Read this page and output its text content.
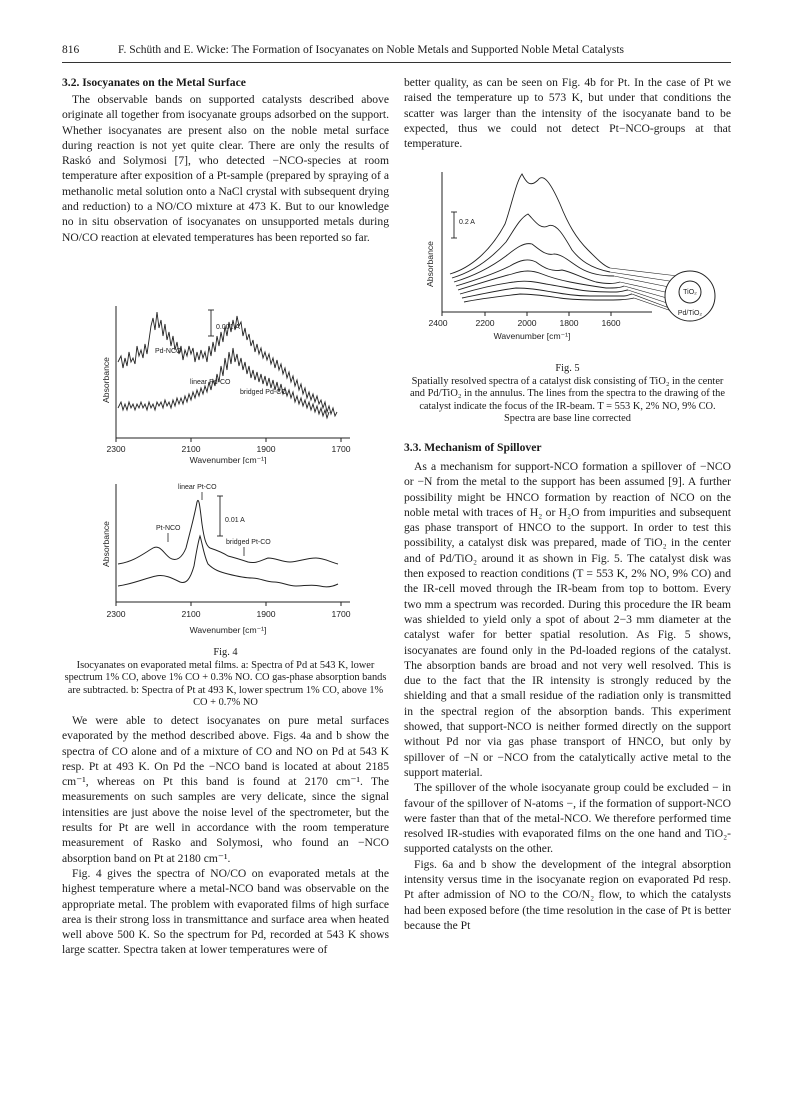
816	F. Schüth and E. Wicke: The Formation of Isocyanates on Noble Metals and Supported Noble Metal Catalysts
3.2. Isocyanates on the Metal Surface

The observable bands on supported catalysts described above originate all together from isocyanate groups adsorbed on the support. Whether isocyanates are present also on the noble metal surface during reaction is not yet quite clear. There are only the results of Raskó and Solymosi [7], who detected −NCO-species at room temperature after exposition of a Pt-sample (prepared by spraying of a methanolic metal solution onto a NaCl crystal with subsequent drying and reduction) to a NO/CO mixture at 473 K. But to our knowledge no in situ observation of isocyanates on unsupported metals during NO/CO reaction at elevated temperatures has been reported so far.

2300	2100	1900	1700
Wavenumber [cm⁻¹]
Absorbance
0.001 A
Pd-NCO
linear Pd-CO
bridged Pd-CO
2300	2100	1900	1700
Wavenumber [cm⁻¹]
Absorbance
0.01 A
linear Pt-CO
Pt-NCO
bridged Pt-CO
Fig. 4
Isocyanates on evaporated metal films. a: Spectra of Pd at 543 K, lower spectrum 1% CO, above 1% CO + 0.3% NO. CO gas-phase absorption bands are subtracted. b: Spectra of Pt at 493 K, lower spectrum 1% CO, above 1% CO + 0.7% NO

We were able to detect isocyanates on pure metal surfaces evaporated by the method described above. Figs. 4a and b show the spectra of CO alone and of a mixture of CO and NO on Pd at 543 K resp. Pt at 493 K. On Pd the −NCO band is located at about 2185 cm⁻¹, whereas on Pt this band is found at 2170 cm⁻¹. The measurements on such samples are very delicate, since the signal intensities are just above the noise level of the spectrometer, but the results for Pt are well in accordance with the room temperature measurement of Rasko and Solymosi, who found an −NCO absorption band on Pt at 2180 cm⁻¹.

Fig. 4 gives the spectra of NO/CO on evaporated metals at the highest temperature where a metal-NCO band was observable on the appropriate metal. The problem with evaporated films of high surface area is their strong loss in transmittance and surface area when heated well above 500 K. So the spectrum for Pd, recorded at 543 K shows large scatter. Spectra taken at lower temperatures were of

better quality, as can be seen on Fig. 4b for Pt. In the case of Pt we raised the temperature up to 573 K, but under that conditions the scatter was larger than the intensity of the isocyanate band to be expected, thus we could not detect Pt−NCO-groups at that temperature.

2400	2200	2000	1800	1600
Wavenumber [cm⁻¹]
Absorbance
0.2 A
TiO₂
Pd/TiO₂
Fig. 5
Spatially resolved spectra of a catalyst disk consisting of TiO₂ in the center and Pd/TiO₂ in the annulus. The lines from the spectra to the drawing of the catalyst indicate the focus of the IR-beam. T = 553 K, 2% NO, 9% CO. Spectra are base line corrected
3.3. Mechanism of Spillover

As a mechanism for support-NCO formation a spillover of −NCO or −N from the metal to the support has been assumed [9]. A further possibility might be HNCO formation by reaction of NCO on the noble metal with traces of H₂ or H₂O from impurities and subsequent gas phase transport of HNCO to the support. In order to test this possibility, a catalyst disk was prepared, made of TiO₂ in the center and of Pd/TiO₂ around it as shown in Fig. 5. The catalyst disk was then exposed to reaction conditions (T = 553 K, 2% NO, 9% CO) and the IR-cell moved through the IR-beam from top to bottom. Every two mm a spectrum was recorded. During this procedure the IR beam was shielded to yield only a spot of about 2−3 mm diameter at the catalyst wafer for better spatial resolution. As Fig. 5 shows, isocyanates are found only in the Pd-loaded regions of the catalyst. The absorption bands are broad and not very well resolved. This is due to the fact that the IR intensity is strongly reduced by the shielding and that a small residue of the radiation only is transmitted in the spectral region of the absorption bands. This experiment showed, that support-NCO is neither formed directly on the support without Pd nor via gas phase transport of HNCO, but only by spillover of −N or −NCO from the catalytically active metal to the support material.

The spillover of the whole isocyanate group could be excluded − in favour of the spillover of N-atoms −, if the formation of support-NCO were faster than that of the metal-NCO. We therefore performed time resolved IR-studies with evaporated films on the one hand and TiO₂-supported catalysts on the other.

Figs. 6a and b show the development of the integral absorption intensity versus time in the isocyanate region on evaporated Pd resp. Pt after admission of NO to the CO/N₂ flow, to which the catalysts had been exposed before (the time resolution in the case of Pt is better because the Pt
